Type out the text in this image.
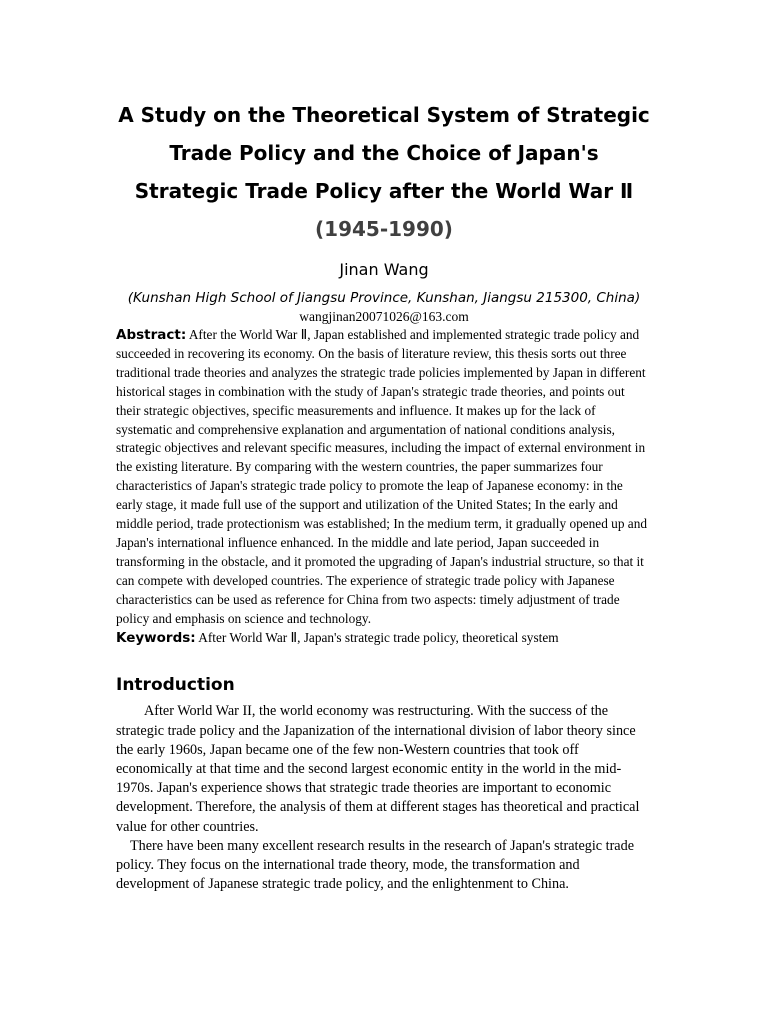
A Study on the Theoretical System of Strategic Trade Policy and the Choice of Japan's Strategic Trade Policy after the World War Ⅱ (1945-1990)
Jinan Wang
(Kunshan High School of Jiangsu Province, Kunshan, Jiangsu 215300, China)
wangjinan20071026@163.com

Abstract: After the World War Ⅱ, Japan established and implemented strategic trade policy and succeeded in recovering its economy. On the basis of literature review, this thesis sorts out three traditional trade theories and analyzes the strategic trade policies implemented by Japan in different historical stages in combination with the study of Japan's strategic trade theories, and points out their strategic objectives, specific measurements and influence. It makes up for the lack of systematic and comprehensive explanation and argumentation of national conditions analysis, strategic objectives and relevant specific measures, including the impact of external environment in the existing literature. By comparing with the western countries, the paper summarizes four characteristics of Japan's strategic trade policy to promote the leap of Japanese economy: in the early stage, it made full use of the support and utilization of the United States; In the early and middle period, trade protectionism was established; In the medium term, it gradually opened up and Japan's international influence enhanced. In the middle and late period, Japan succeeded in transforming in the obstacle, and it promoted the upgrading of Japan's industrial structure, so that it can compete with developed countries. The experience of strategic trade policy with Japanese characteristics can be used as reference for China from two aspects: timely adjustment of trade policy and emphasis on science and technology.

Keywords: After World War Ⅱ, Japan's strategic trade policy, theoretical system

Introduction

After World War II, the world economy was restructuring. With the success of the strategic trade policy and the Japanization of the international division of labor theory since the early 1960s, Japan became one of the few non-Western countries that took off economically at that time and the second largest economic entity in the world in the mid-1970s. Japan's experience shows that strategic trade theories are important to economic development. Therefore, the analysis of them at different stages has theoretical and practical value for other countries.

There have been many excellent research results in the research of Japan's strategic trade policy. They focus on the international trade theory, mode, the transformation and development of Japanese strategic trade policy, and the enlightenment to China.
